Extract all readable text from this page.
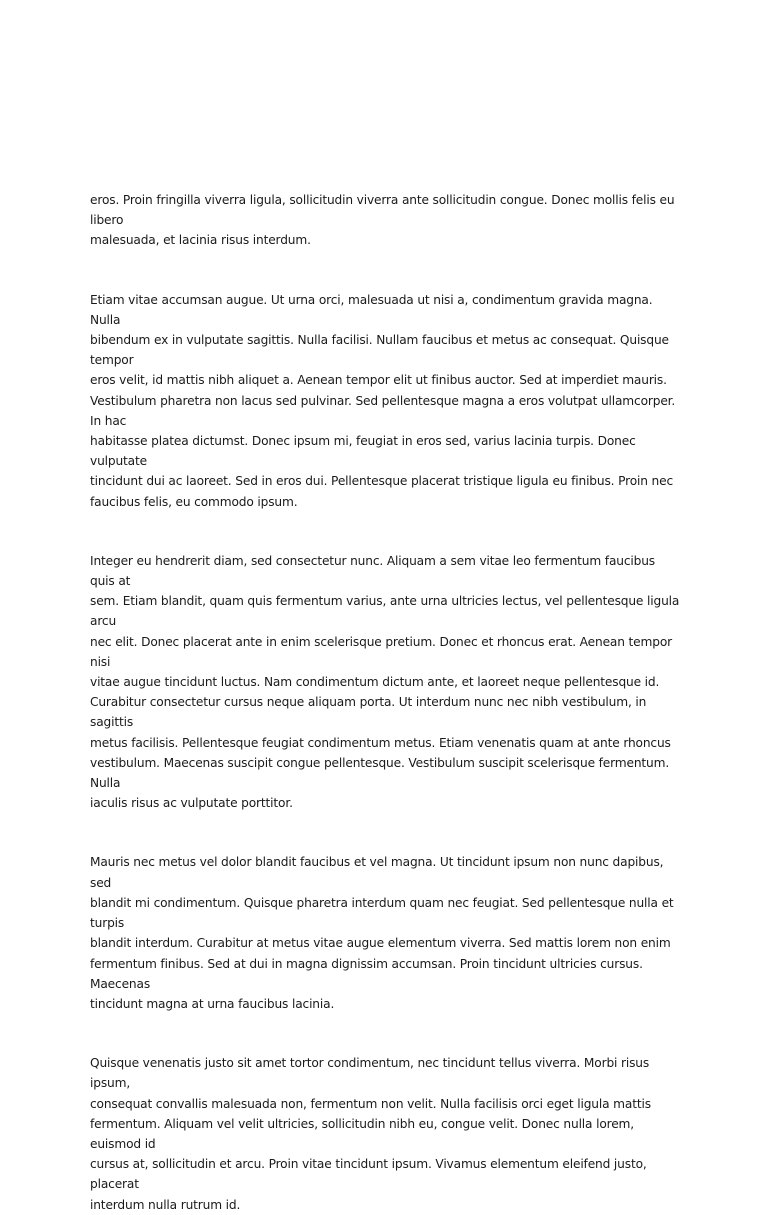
eros. Proin fringilla viverra ligula, sollicitudin viverra ante sollicitudin congue. Donec mollis felis eu libero
malesuada, et lacinia risus interdum.

Etiam vitae accumsan augue. Ut urna orci, malesuada ut nisi a, condimentum gravida magna. Nulla
bibendum ex in vulputate sagittis. Nulla facilisi. Nullam faucibus et metus ac consequat. Quisque tempor
eros velit, id mattis nibh aliquet a. Aenean tempor elit ut finibus auctor. Sed at imperdiet mauris.
Vestibulum pharetra non lacus sed pulvinar. Sed pellentesque magna a eros volutpat ullamcorper. In hac
habitasse platea dictumst. Donec ipsum mi, feugiat in eros sed, varius lacinia turpis. Donec vulputate
tincidunt dui ac laoreet. Sed in eros dui. Pellentesque placerat tristique ligula eu finibus. Proin nec
faucibus felis, eu commodo ipsum.

Integer eu hendrerit diam, sed consectetur nunc. Aliquam a sem vitae leo fermentum faucibus quis at
sem. Etiam blandit, quam quis fermentum varius, ante urna ultricies lectus, vel pellentesque ligula arcu
nec elit. Donec placerat ante in enim scelerisque pretium. Donec et rhoncus erat. Aenean tempor nisi
vitae augue tincidunt luctus. Nam condimentum dictum ante, et laoreet neque pellentesque id.
Curabitur consectetur cursus neque aliquam porta. Ut interdum nunc nec nibh vestibulum, in sagittis
metus facilisis. Pellentesque feugiat condimentum metus. Etiam venenatis quam at ante rhoncus
vestibulum. Maecenas suscipit congue pellentesque. Vestibulum suscipit scelerisque fermentum. Nulla
iaculis risus ac vulputate porttitor.

Mauris nec metus vel dolor blandit faucibus et vel magna. Ut tincidunt ipsum non nunc dapibus, sed
blandit mi condimentum. Quisque pharetra interdum quam nec feugiat. Sed pellentesque nulla et turpis
blandit interdum. Curabitur at metus vitae augue elementum viverra. Sed mattis lorem non enim
fermentum finibus. Sed at dui in magna dignissim accumsan. Proin tincidunt ultricies cursus. Maecenas
tincidunt magna at urna faucibus lacinia.

Quisque venenatis justo sit amet tortor condimentum, nec tincidunt tellus viverra. Morbi risus ipsum,
consequat convallis malesuada non, fermentum non velit. Nulla facilisis orci eget ligula mattis
fermentum. Aliquam vel velit ultricies, sollicitudin nibh eu, congue velit. Donec nulla lorem, euismod id
cursus at, sollicitudin et arcu. Proin vitae tincidunt ipsum. Vivamus elementum eleifend justo, placerat
interdum nulla rutrum id.
